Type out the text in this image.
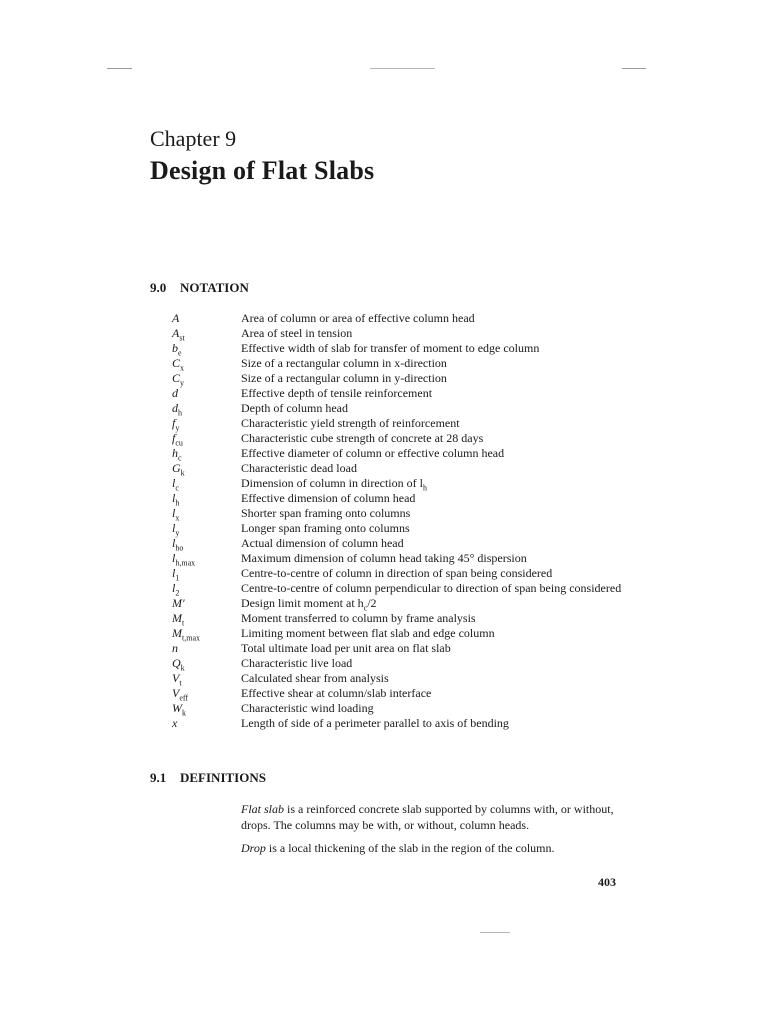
Chapter 9
Design of Flat Slabs
9.0 NOTATION
A	Area of column or area of effective column head
$A_{st}$	Area of steel in tension
$b_e$	Effective width of slab for transfer of moment to edge column
$C_x$	Size of a rectangular column in x-direction
$C_y$	Size of a rectangular column in y-direction
d	Effective depth of tensile reinforcement
$d_h$	Depth of column head
$f_y$	Characteristic yield strength of reinforcement
$f_{cu}$	Characteristic cube strength of concrete at 28 days
$h_c$	Effective diameter of column or effective column head
$G_k$	Characteristic dead load
$l_c$	Dimension of column in direction of $l_h$
$l_h$	Effective dimension of column head
$l_x$	Shorter span framing onto columns
$l_y$	Longer span framing onto columns
$l_{ho}$	Actual dimension of column head
$l_{h,max}$	Maximum dimension of column head taking 45° dispersion
$l_1$	Centre-to-centre of column in direction of span being considered
$l_2$	Centre-to-centre of column perpendicular to direction of span being considered
M'	Design limit moment at $h_c/2$
$M_t$	Moment transferred to column by frame analysis
$M_{t,max}$	Limiting moment between flat slab and edge column
n	Total ultimate load per unit area on flat slab
$Q_k$	Characteristic live load
$V_t$	Calculated shear from analysis
$V_{eff}$	Effective shear at column/slab interface
$W_k$	Characteristic wind loading
x	Length of side of a perimeter parallel to axis of bending
9.1 DEFINITIONS

Flat slab is a reinforced concrete slab supported by columns with, or without, drops. The columns may be with, or without, column heads.

Drop is a local thickening of the slab in the region of the column.

403
